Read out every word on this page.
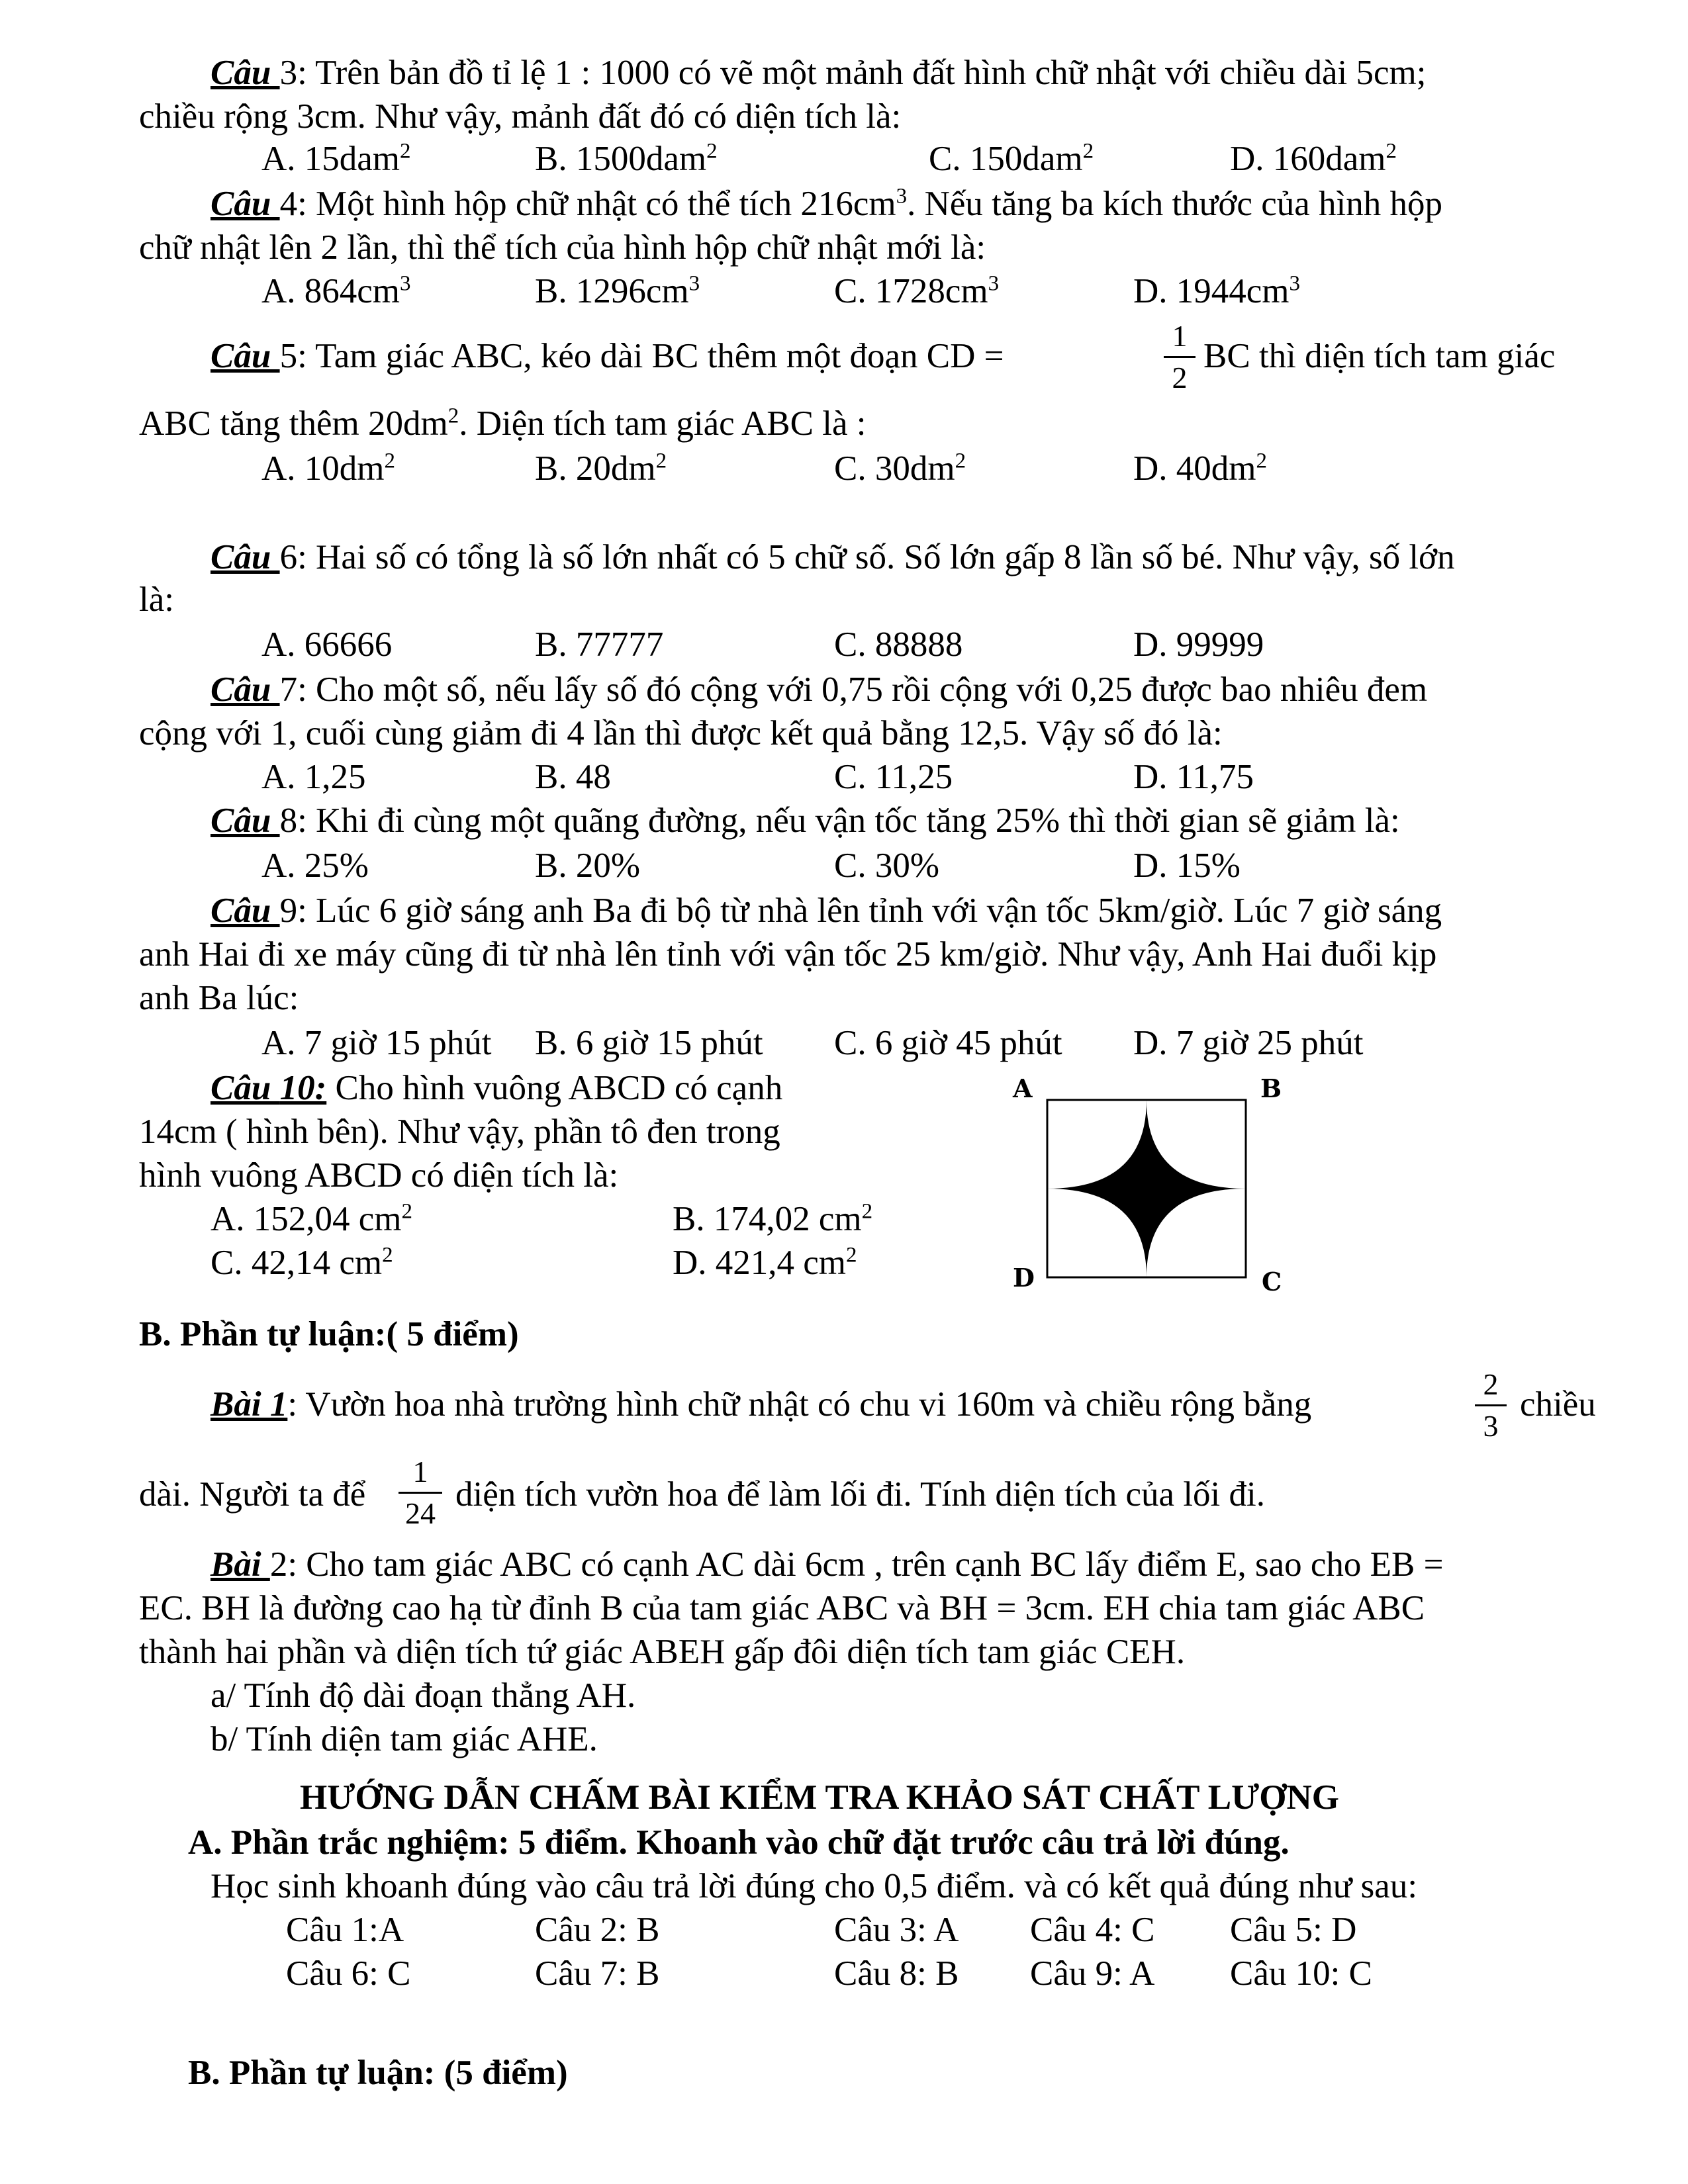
Câu 3: Trên bản đồ tỉ lệ 1 : 1000 có vẽ một mảnh đất hình chữ nhật với chiều dài 5cm;
chiều rộng 3cm. Như vậy, mảnh đất đó có diện tích là:
A. 15dam$^2$	B. 1500dam$^2$	C. 150dam$^2$	D. 160dam$^2$
Câu 4: Một hình hộp chữ nhật có thể tích $216cm^3$. Nếu tăng ba kích thước của hình hộp
chữ nhật lên 2 lần, thì thể tích của hình hộp chữ nhật mới là:
A. $864cm^3$	B. $1296cm^3$	C. $1728cm^3$	D. $1944cm^3$
Câu 5: Tam giác ABC, kéo dài BC thêm một đoạn CD =
1
2
BC thì diện tích tam giác
ABC tăng thêm $20dm^2$. Diện tích tam giác ABC là :
A. $10dm^2$	B. $20dm^2$	C. $30dm^2$	D. $40dm^2$
Câu 6: Hai số có tổng là số lớn nhất có 5 chữ số. Số lớn gấp 8 lần số bé. Như vậy, số lớn
là:
A. 66666	B. 77777	C. 88888	D. 99999
Câu 7: Cho một số, nếu lấy số đó cộng với 0,75 rồi cộng với 0,25 được bao nhiêu đem
cộng với 1, cuối cùng giảm đi 4 lần thì được kết quả bằng 12,5. Vậy số đó là:
A. 1,25	B. 48	C. 11,25	D. 11,75
Câu 8: Khi đi cùng một quãng đường, nếu vận tốc tăng 25% thì thời gian sẽ giảm là:
A. 25%	B. 20%	C. 30%	D. 15%
Câu 9: Lúc 6 giờ sáng anh Ba đi bộ từ nhà lên tỉnh với vận tốc 5km/giờ. Lúc 7 giờ sáng
anh Hai đi xe máy cũng đi từ nhà lên tỉnh với vận tốc 25 km/giờ. Như vậy, Anh Hai đuổi kịp
anh Ba lúc:
A. 7 giờ 15 phút B. 6 giờ 15 phút C. 6 giờ 45 phút D. 7 giờ 25 phút
Câu 10: Cho hình vuông ABCD có cạnh
14cm ( hình bên). Như vậy, phần tô đen trong
hình vuông ABCD có diện tích là:
A. 152,04 $cm^2$	B. 174,02 $cm^2$
C. 42,14 $cm^2$	D. 421,4 $cm^2$
A	B
D	C
B. Phần tự luận:( 5 điểm)
Bài 1: Vườn hoa nhà trường hình chữ nhật có chu vi 160m và chiều rộng bằng
2
3
chiều
dài. Người ta để
1
24 diện tích vườn hoa để làm lối đi. Tính diện tích của lối đi.
Bài 2: Cho tam giác ABC có cạnh AC dài 6cm , trên cạnh BC lấy điểm E, sao cho EB =
EC. BH là đường cao hạ từ đỉnh B của tam giác ABC và BH = 3cm. EH chia tam giác ABC
thành hai phần và diện tích tứ giác ABEH gấp đôi diện tích tam giác CEH.
a/ Tính độ dài đoạn thẳng AH.
b/ Tính diện tam giác AHE.
HƯỚNG DẪN CHẤM BÀI KIỂM TRA KHẢO SÁT CHẤT LƯỢNG
A. Phần trắc nghiệm: 5 điểm. Khoanh vào chữ đặt trước câu trả lời đúng.
Học sinh khoanh đúng vào câu trả lời đúng cho 0,5 điểm. và có kết quả đúng như sau:
Câu 1:A	Câu 2: B	Câu 3: A Câu 4: C Câu 5: D
Câu 6: C	Câu 7: B	Câu 8: B Câu 9: A Câu 10: C
B. Phần tự luận: (5 điểm)
